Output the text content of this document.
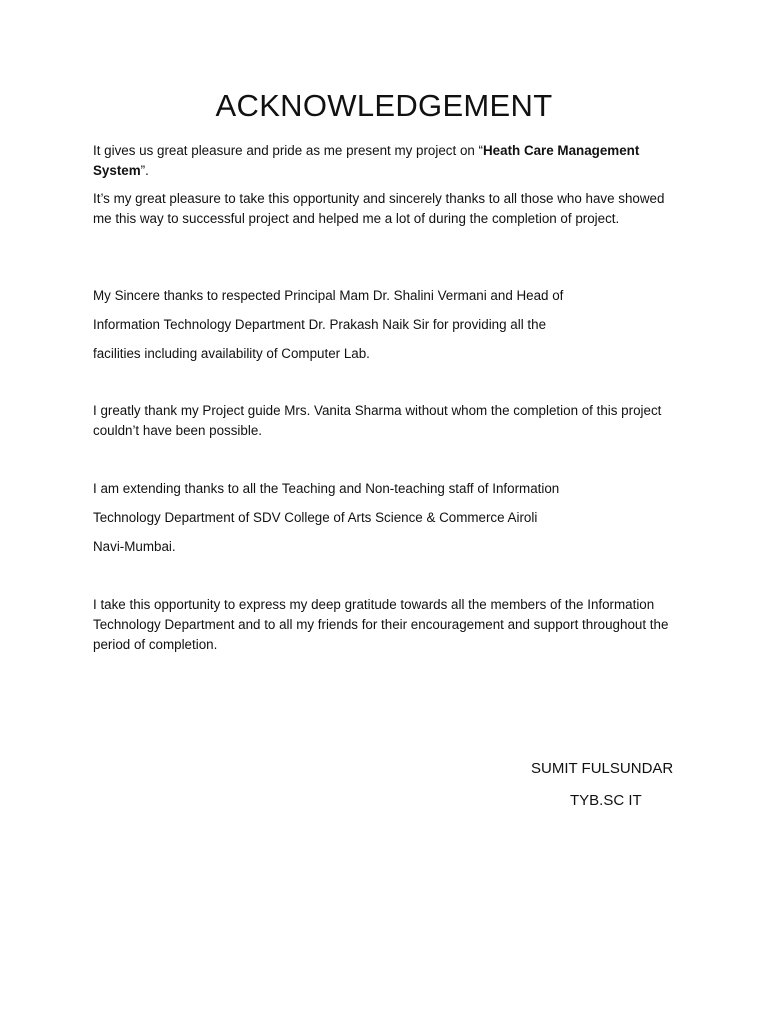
ACKNOWLEDGEMENT

It gives us great pleasure and pride as me present my project on “Heath Care Management System”.

It’s my great pleasure to take this opportunity and sincerely thanks to all those who have showed me this way to successful project and helped me a lot of during the completion of project.

My Sincere thanks to respected Principal Mam Dr. Shalini Vermani and Head of

Information Technology Department Dr. Prakash Naik Sir for providing all the

facilities including availability of Computer Lab.

I greatly thank my Project guide Mrs. Vanita Sharma without whom the completion of this project couldn’t have been possible.

I am extending thanks to all the Teaching and Non-teaching staff of Information

Technology Department of SDV College of Arts Science & Commerce Airoli

Navi-Mumbai.

I take this opportunity to express my deep gratitude towards all the members of the Information Technology Department and to all my friends for their encouragement and support throughout the period of completion.

SUMIT FULSUNDAR

TYB.SC IT
